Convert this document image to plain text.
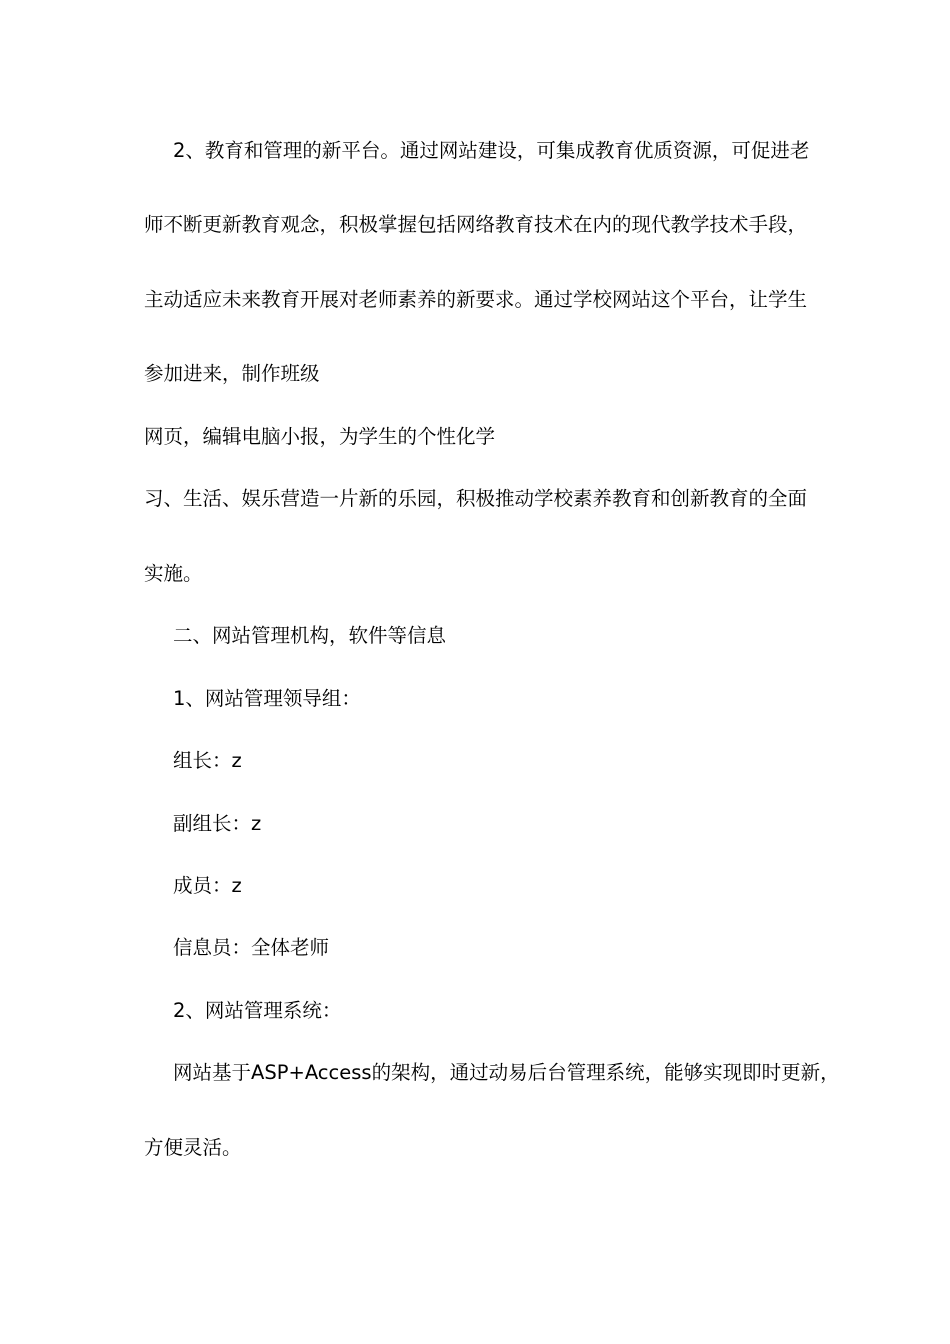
2、教育和管理的新平台。通过网站建设，可集成教育优质资源，可促进老
师不断更新教育观念，积极掌握包括网络教育技术在内的现代教学技术手段，
主动适应未来教育开展对老师素养的新要求。通过学校网站这个平台，让学生
参加进来，制作班级
网页，编辑电脑小报，为学生的个性化学
习、生活、娱乐营造一片新的乐园，积极推动学校素养教育和创新教育的全面
实施。
二、网站管理机构，软件等信息
1、网站管理领导组：
组长：z
副组长：z
成员：z
信息员：全体老师
2、网站管理系统：
网站基于ASP+Access的架构，通过动易后台管理系统，能够实现即时更新，
方便灵活。
